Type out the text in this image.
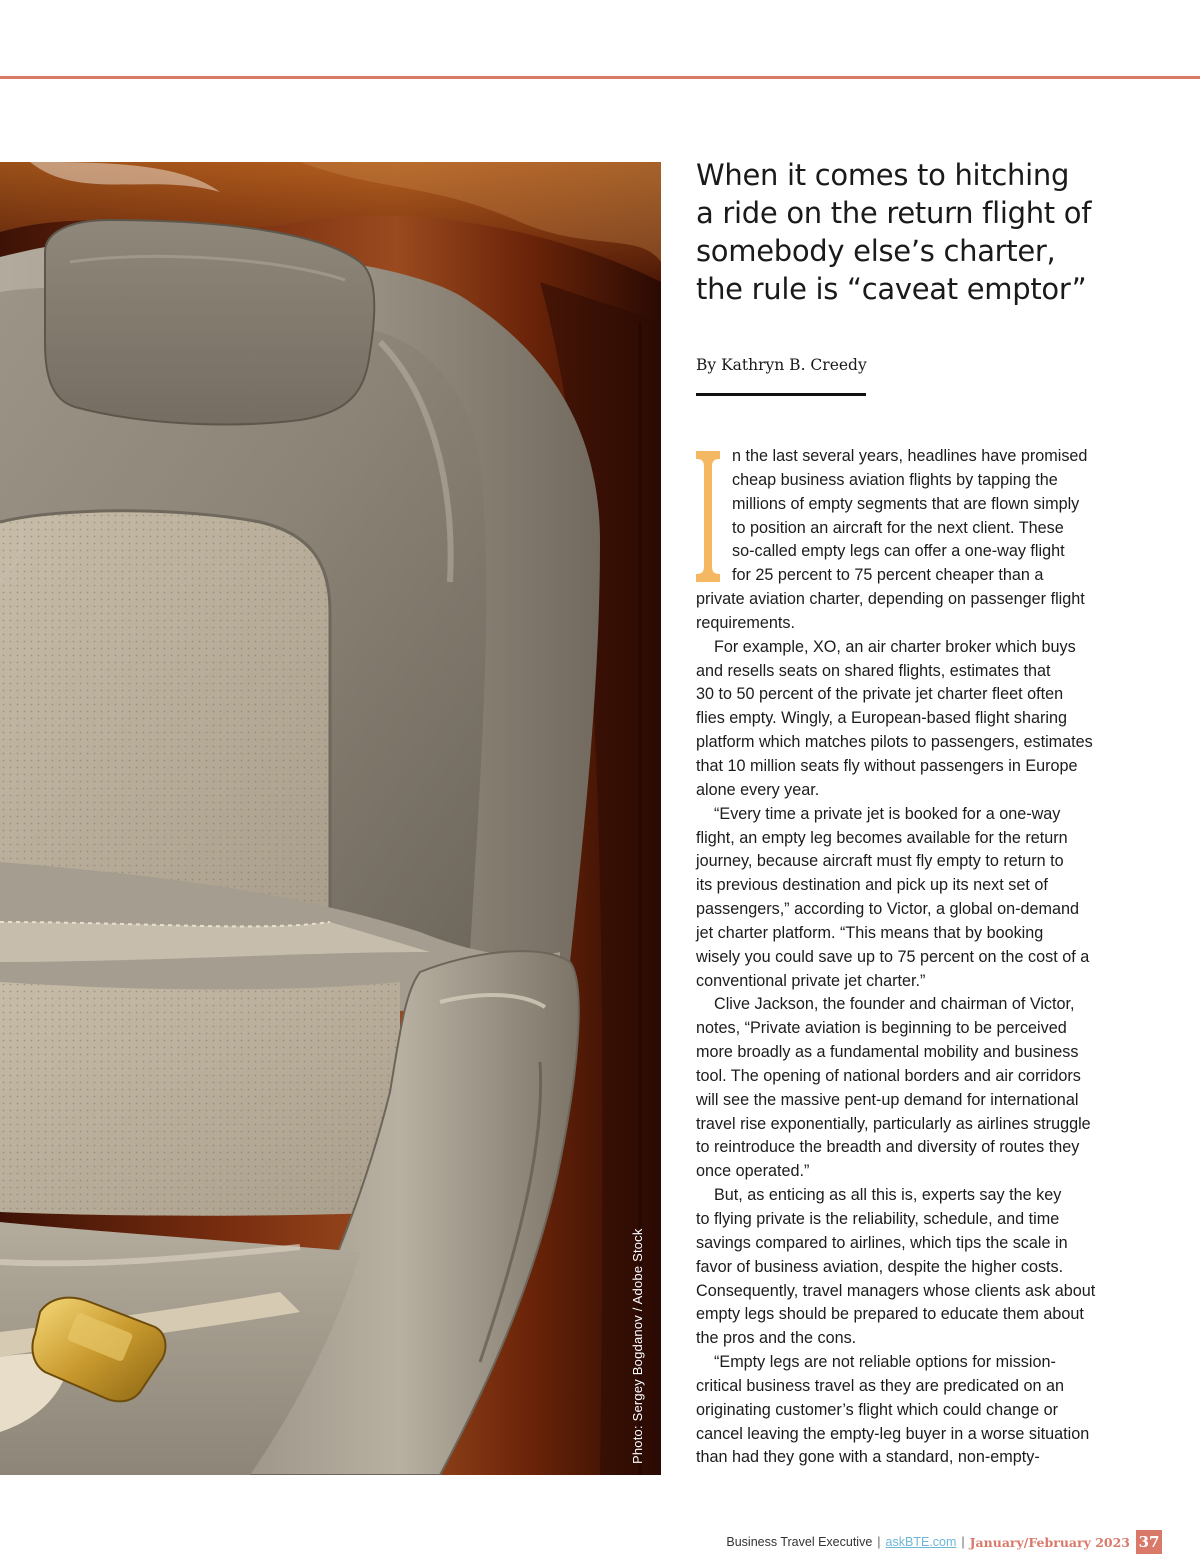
Photo: Sergey Bogdanov / Adobe Stock
When it comes to hitching
a ride on the return flight of
somebody else’s charter,
the rule is “caveat emptor”

By Kathryn B. Creedy

n the last several years, headlines have promised

cheap business aviation flights by tapping the

millions of empty segments that are flown simply

to position an aircraft for the next client. These

so-called empty legs can offer a one-way flight

for 25 percent to 75 percent cheaper than a

private aviation charter, depending on passenger flight

requirements.

For example, XO, an air charter broker which buys

and resells seats on shared flights, estimates that

30 to 50 percent of the private jet charter fleet often

flies empty. Wingly, a European-based flight sharing

platform which matches pilots to passengers, estimates

that 10 million seats fly without passengers in Europe

alone every year.

“Every time a private jet is booked for a one-way

flight, an empty leg becomes available for the return

journey, because aircraft must fly empty to return to

its previous destination and pick up its next set of

passengers,” according to Victor, a global on-demand

jet charter platform. “This means that by booking

wisely you could save up to 75 percent on the cost of a

conventional private jet charter.”

Clive Jackson, the founder and chairman of Victor,

notes, “Private aviation is beginning to be perceived

more broadly as a fundamental mobility and business

tool. The opening of national borders and air corridors

will see the massive pent-up demand for international

travel rise exponentially, particularly as airlines struggle

to reintroduce the breadth and diversity of routes they

once operated.”

But, as enticing as all this is, experts say the key

to flying private is the reliability, schedule, and time

savings compared to airlines, which tips the scale in

favor of business aviation, despite the higher costs.

Consequently, travel managers whose clients ask about

empty legs should be prepared to educate them about

the pros and the cons.

“Empty legs are not reliable options for mission-

critical business travel as they are predicated on an

originating customer’s flight which could change or

cancel leaving the empty-leg buyer in a worse situation

than had they gone with a standard, non-empty-

Business Travel Executive | askBTE.com | January/February 2023 37
